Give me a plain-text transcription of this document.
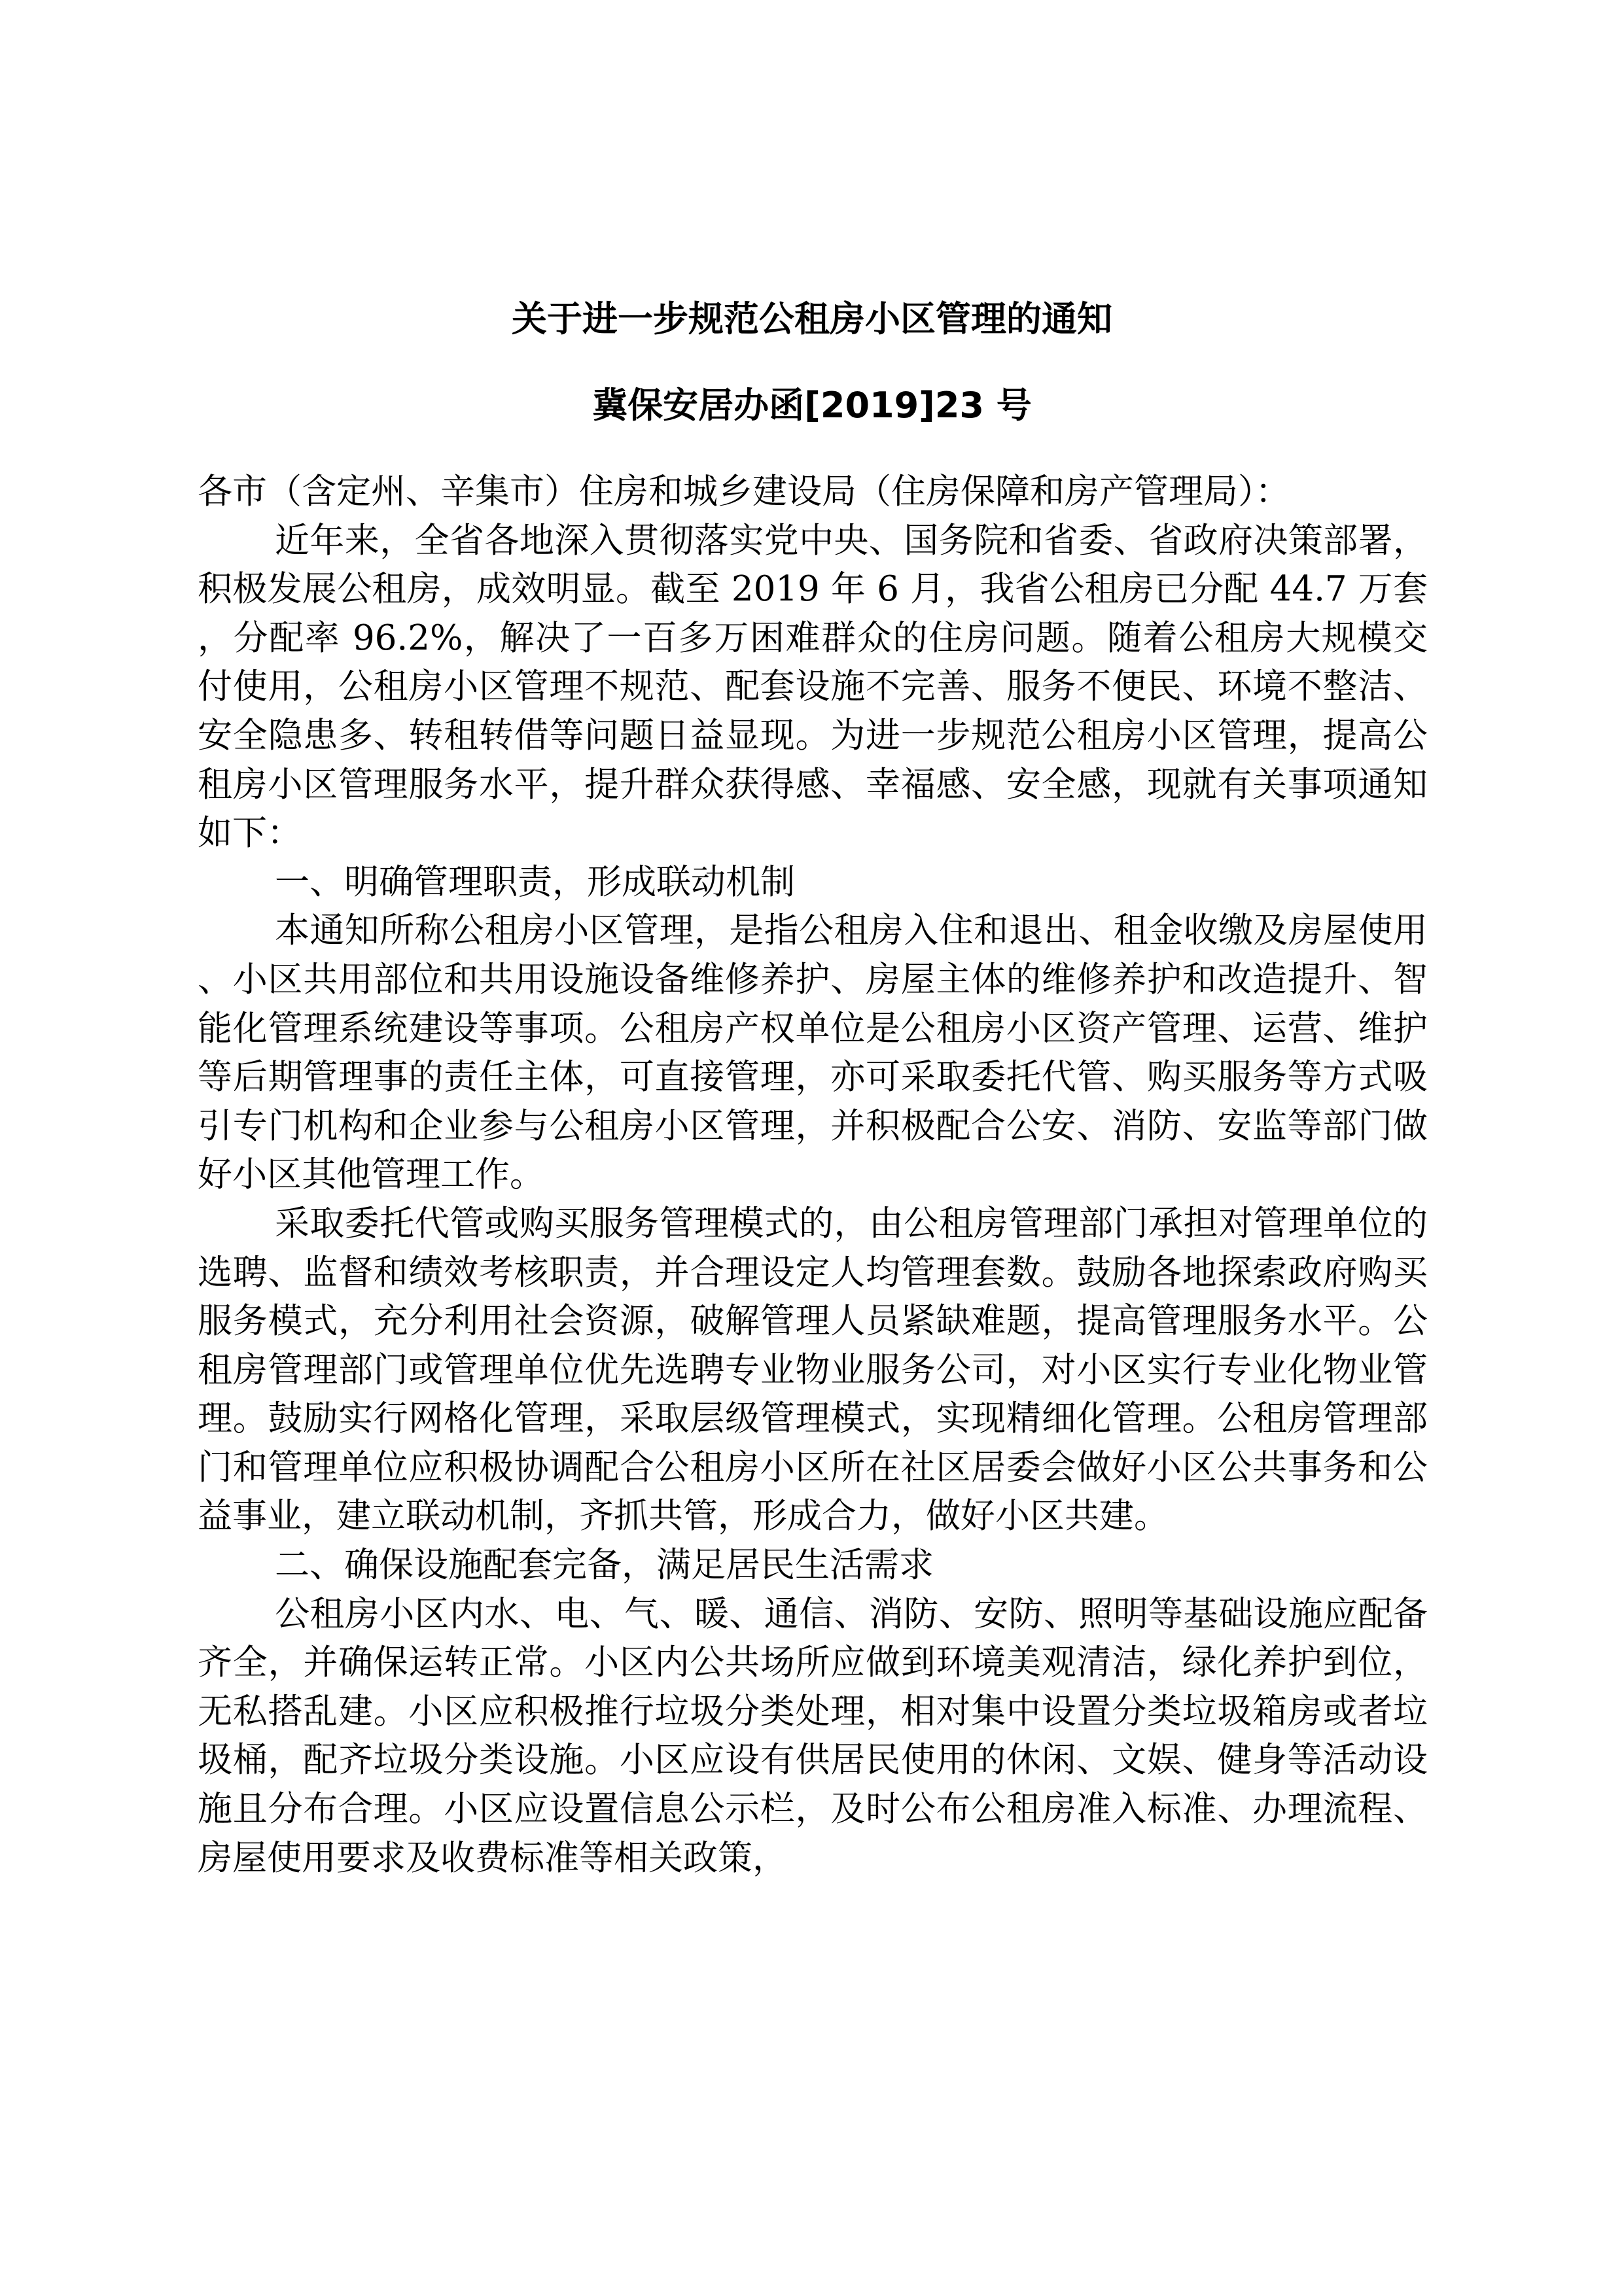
关于进一步规范公租房小区管理的通知
冀保安居办函[2019]23 号

各市（含定州、辛集市）住房和城乡建设局（住房保障和房产管理局）：

近年来，全省各地深入贯彻落实党中央、国务院和省委、省政府决策部署，积极发展公租房，成效明显。截至 2019 年 6 月，我省公租房已分配 44.7 万套，分配率 96.2%，解决了一百多万困难群众的住房问题。随着公租房大规模交付使用，公租房小区管理不规范、配套设施不完善、服务不便民、环境不整洁、安全隐患多、转租转借等问题日益显现。为进一步规范公租房小区管理，提高公租房小区管理服务水平，提升群众获得感、幸福感、安全感，现就有关事项通知如下：

一、明确管理职责，形成联动机制

本通知所称公租房小区管理，是指公租房入住和退出、租金收缴及房屋使用、小区共用部位和共用设施设备维修养护、房屋主体的维修养护和改造提升、智能化管理系统建设等事项。公租房产权单位是公租房小区资产管理、运营、维护等后期管理事的责任主体，可直接管理，亦可采取委托代管、购买服务等方式吸引专门机构和企业参与公租房小区管理，并积极配合公安、消防、安监等部门做好小区其他管理工作。

采取委托代管或购买服务管理模式的，由公租房管理部门承担对管理单位的选聘、监督和绩效考核职责，并合理设定人均管理套数。鼓励各地探索政府购买服务模式，充分利用社会资源，破解管理人员紧缺难题，提高管理服务水平。公租房管理部门或管理单位优先选聘专业物业服务公司，对小区实行专业化物业管理。鼓励实行网格化管理，采取层级管理模式，实现精细化管理。公租房管理部门和管理单位应积极协调配合公租房小区所在社区居委会做好小区公共事务和公益事业，建立联动机制，齐抓共管，形成合力，做好小区共建。

二、确保设施配套完备，满足居民生活需求

公租房小区内水、电、气、暖、通信、消防、安防、照明等基础设施应配备齐全，并确保运转正常。小区内公共场所应做到环境美观清洁，绿化养护到位，无私搭乱建。小区应积极推行垃圾分类处理，相对集中设置分类垃圾箱房或者垃圾桶，配齐垃圾分类设施。小区应设有供居民使用的休闲、文娱、健身等活动设施且分布合理。小区应设置信息公示栏，及时公布公租房准入标准、办理流程、房屋使用要求及收费标准等相关政策，
